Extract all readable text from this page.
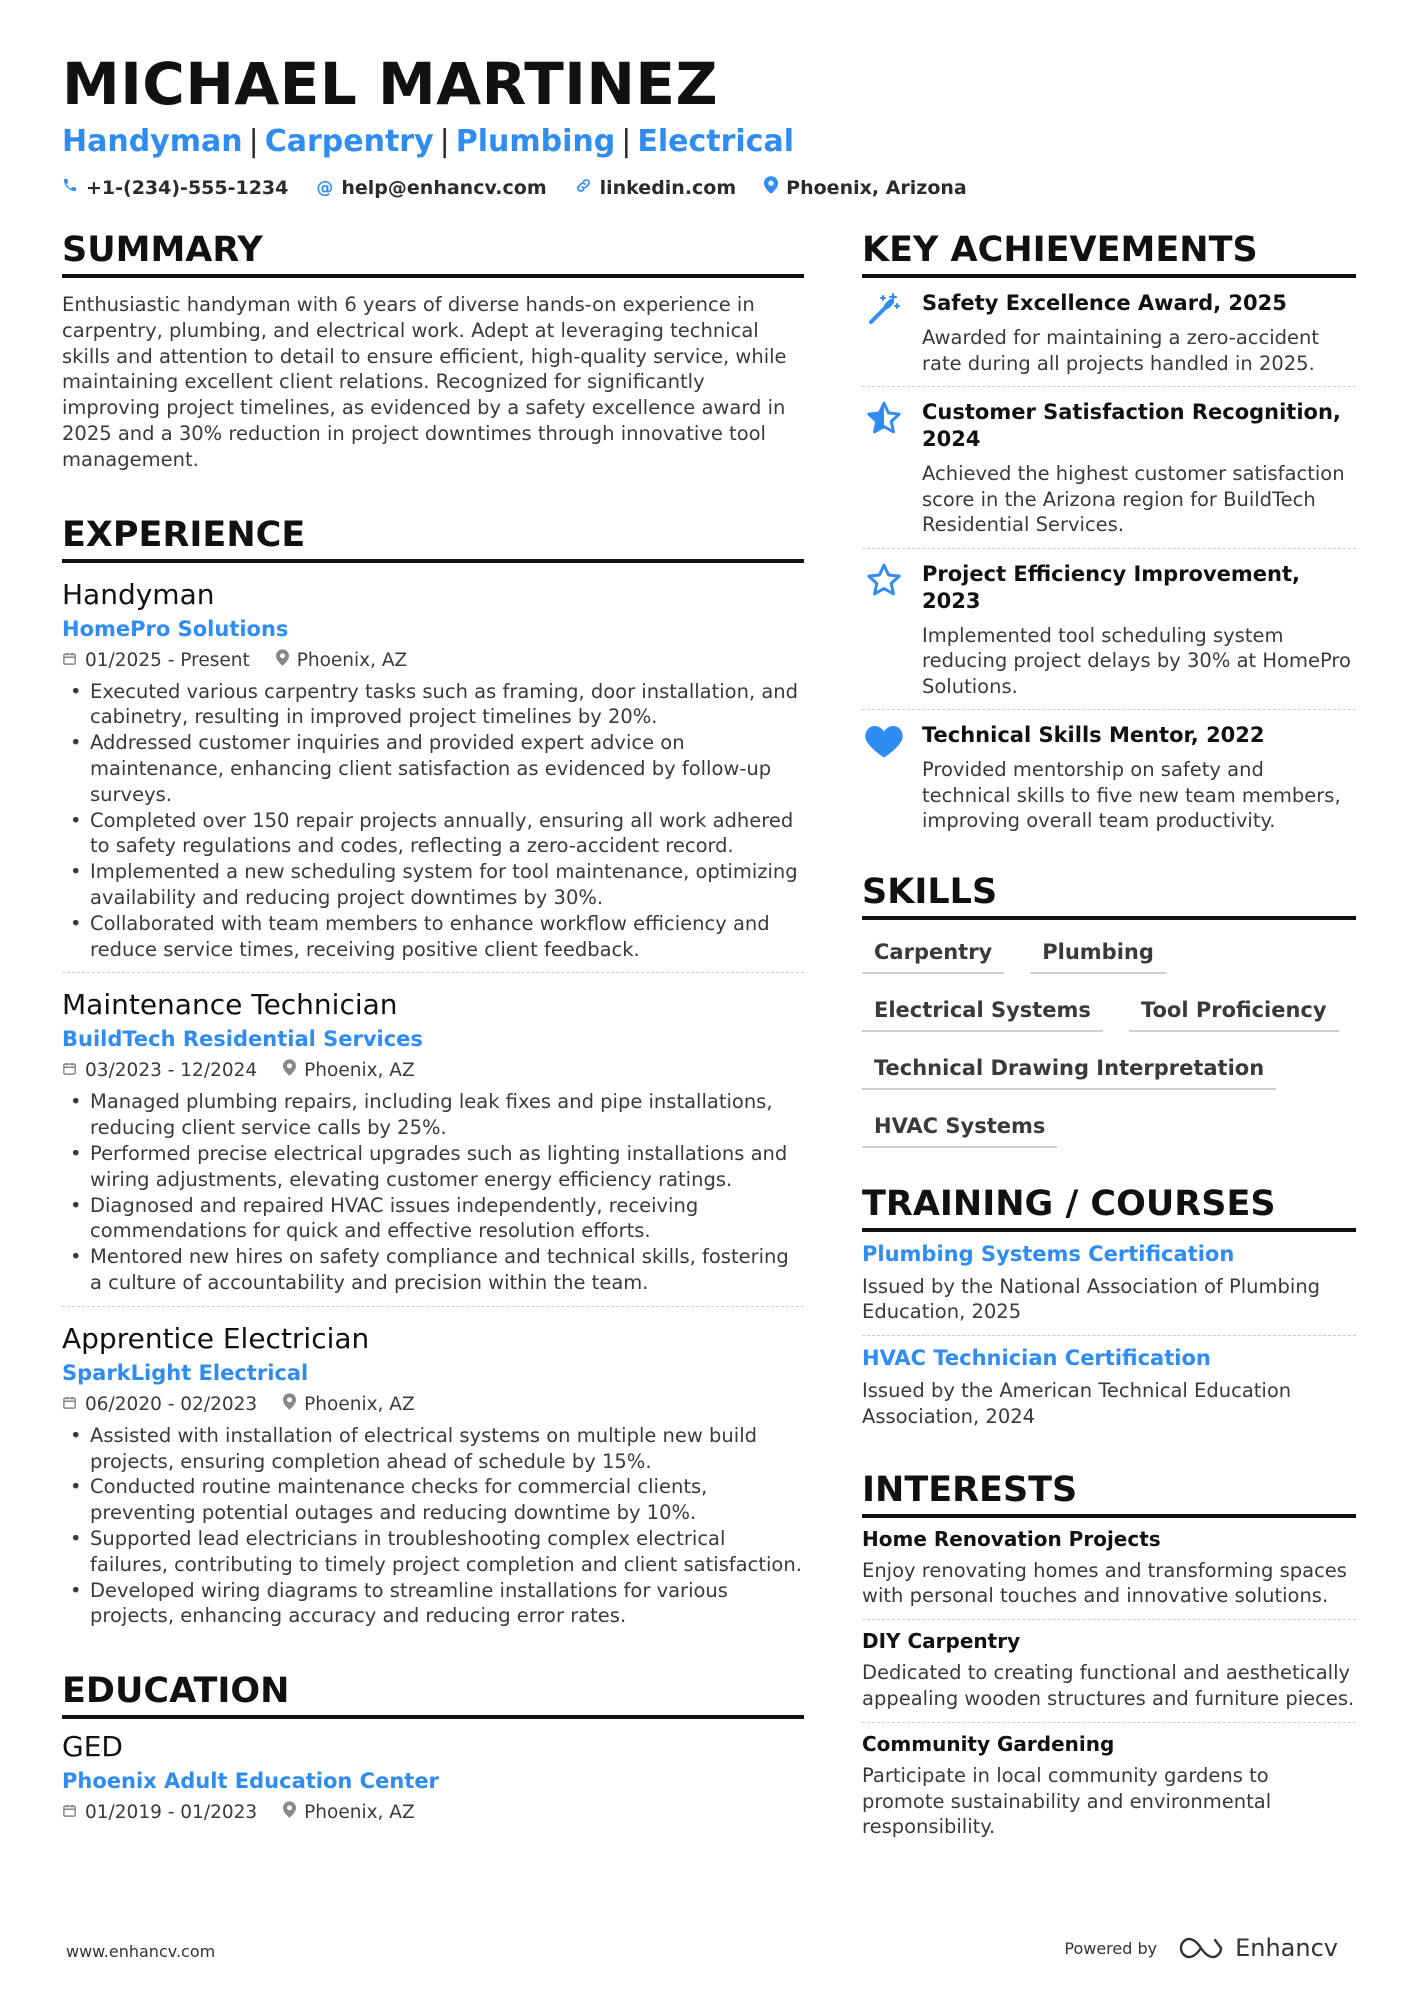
MICHAEL MARTINEZ
Handyman | Carpentry | Plumbing | Electrical
+1-(234)-555-1234 @ help@enhancv.com	linkedin.com	Phoenix, Arizona
SUMMARY
Enthusiastic handyman with 6 years of diverse hands-on experience in carpentry, plumbing, and electrical work. Adept at leveraging technical skills and attention to detail to ensure efficient, high-quality service, while maintaining excellent client relations. Recognized for significantly improving project timelines, as evidenced by a safety excellence award in 2025 and a 30% reduction in project downtimes through innovative tool management.
EXPERIENCE
Handyman
HomePro Solutions
01/2025 - Present	Phoenix, AZ
• Executed various carpentry tasks such as framing, door installation, and cabinetry, resulting in improved project timelines by 20%.
• Addressed customer inquiries and provided expert advice on maintenance, enhancing client satisfaction as evidenced by follow-up surveys.
• Completed over 150 repair projects annually, ensuring all work adhered to safety regulations and codes, reflecting a zero-accident record.
• Implemented a new scheduling system for tool maintenance, optimizing availability and reducing project downtimes by 30%.
• Collaborated with team members to enhance workflow efficiency and reduce service times, receiving positive client feedback.
Maintenance Technician
BuildTech Residential Services
03/2023 - 12/2024	Phoenix, AZ
• Managed plumbing repairs, including leak fixes and pipe installations, reducing client service calls by 25%.
• Performed precise electrical upgrades such as lighting installations and wiring adjustments, elevating customer energy efficiency ratings.
• Diagnosed and repaired HVAC issues independently, receiving commendations for quick and effective resolution efforts.
• Mentored new hires on safety compliance and technical skills, fostering a culture of accountability and precision within the team.
Apprentice Electrician
SparkLight Electrical
06/2020 - 02/2023	Phoenix, AZ
• Assisted with installation of electrical systems on multiple new build projects, ensuring completion ahead of schedule by 15%.
• Conducted routine maintenance checks for commercial clients, preventing potential outages and reducing downtime by 10%.
• Supported lead electricians in troubleshooting complex electrical failures, contributing to timely project completion and client satisfaction.
• Developed wiring diagrams to streamline installations for various projects, enhancing accuracy and reducing error rates.
EDUCATION
GED
Phoenix Adult Education Center
01/2019 - 01/2023	Phoenix, AZ
KEY ACHIEVEMENTS
Safety Excellence Award, 2025
Awarded for maintaining a zero-accident rate during all projects handled in 2025.
Customer Satisfaction Recognition, 2024
Achieved the highest customer satisfaction score in the Arizona region for BuildTech Residential Services.
Project Efficiency Improvement, 2023
Implemented tool scheduling system reducing project delays by 30% at HomePro Solutions.
Technical Skills Mentor, 2022
Provided mentorship on safety and technical skills to five new team members, improving overall team productivity.
SKILLS
Carpentry	Plumbing
Electrical Systems	Tool Proficiency
Technical Drawing Interpretation
HVAC Systems
TRAINING / COURSES
Plumbing Systems Certification
Issued by the National Association of Plumbing Education, 2025
HVAC Technician Certification
Issued by the American Technical Education Association, 2024
INTERESTS
Home Renovation Projects
Enjoy renovating homes and transforming spaces with personal touches and innovative solutions.
DIY Carpentry
Dedicated to creating functional and aesthetically appealing wooden structures and furniture pieces.
Community Gardening
Participate in local community gardens to promote sustainability and environmental responsibility.
www.enhancv.com	Powered by	Enhancv
